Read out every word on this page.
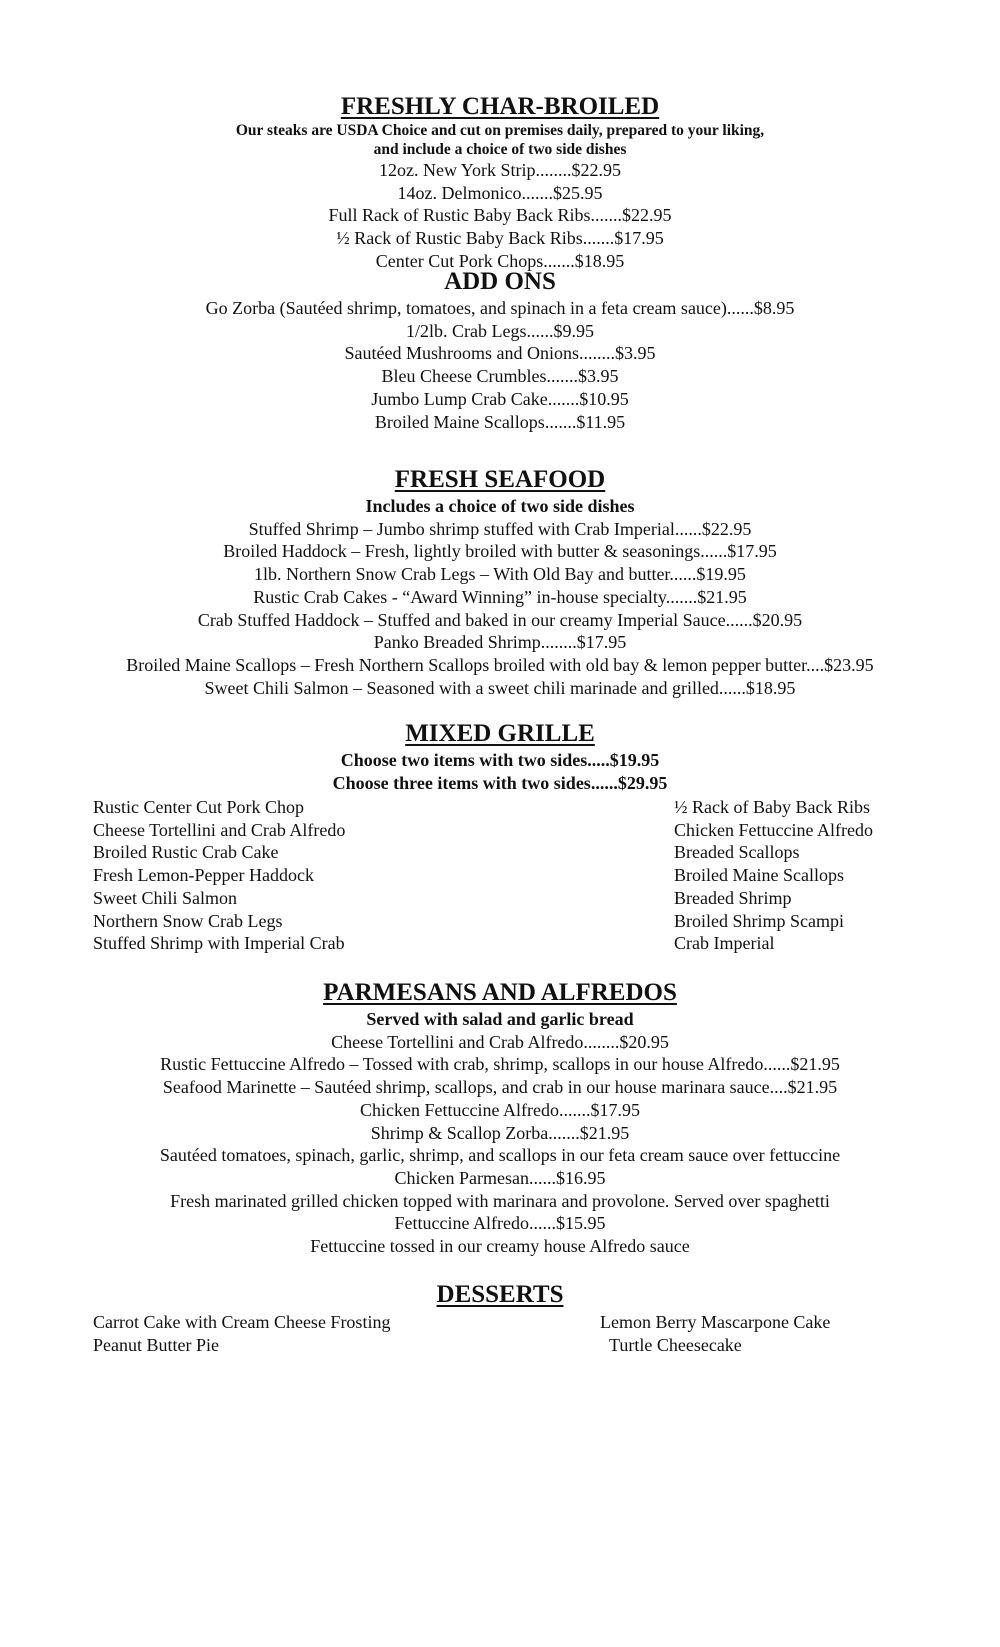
FRESHLY CHAR-BROILED
Our steaks are USDA Choice and cut on premises daily, prepared to your liking,
and include a choice of two side dishes
12oz. New York Strip........$22.95
14oz. Delmonico.......$25.95
Full Rack of Rustic Baby Back Ribs.......$22.95
½ Rack of Rustic Baby Back Ribs.......$17.95
Center Cut Pork Chops.......$18.95
ADD ONS
Go Zorba (Sautéed shrimp, tomatoes, and spinach in a feta cream sauce)......$8.95
1/2lb. Crab Legs......$9.95
Sautéed Mushrooms and Onions........$3.95
Bleu Cheese Crumbles.......$3.95
Jumbo Lump Crab Cake.......$10.95
Broiled Maine Scallops.......$11.95
FRESH SEAFOOD
Includes a choice of two side dishes
Stuffed Shrimp – Jumbo shrimp stuffed with Crab Imperial......$22.95
Broiled Haddock – Fresh, lightly broiled with butter & seasonings......$17.95
1lb. Northern Snow Crab Legs – With Old Bay and butter......$19.95
Rustic Crab Cakes - “Award Winning” in-house specialty.......$21.95
Crab Stuffed Haddock – Stuffed and baked in our creamy Imperial Sauce......$20.95
Panko Breaded Shrimp........$17.95
Broiled Maine Scallops – Fresh Northern Scallops broiled with old bay & lemon pepper butter....$23.95
Sweet Chili Salmon – Seasoned with a sweet chili marinade and grilled......$18.95
MIXED GRILLE
Choose two items with two sides.....$19.95
Choose three items with two sides......$29.95
Rustic Center Cut Pork Chop
Cheese Tortellini and Crab Alfredo
Broiled Rustic Crab Cake
Fresh Lemon-Pepper Haddock
Sweet Chili Salmon
Northern Snow Crab Legs
Stuffed Shrimp with Imperial Crab
½ Rack of Baby Back Ribs
Chicken Fettuccine Alfredo
Breaded Scallops
Broiled Maine Scallops
Breaded Shrimp
Broiled Shrimp Scampi
Crab Imperial
PARMESANS AND ALFREDOS
Served with salad and garlic bread
Cheese Tortellini and Crab Alfredo........$20.95
Rustic Fettuccine Alfredo – Tossed with crab, shrimp, scallops in our house Alfredo......$21.95
Seafood Marinette – Sautéed shrimp, scallops, and crab in our house marinara sauce....$21.95
Chicken Fettuccine Alfredo.......$17.95
Shrimp & Scallop Zorba.......$21.95
Sautéed tomatoes, spinach, garlic, shrimp, and scallops in our feta cream sauce over fettuccine
Chicken Parmesan......$16.95
Fresh marinated grilled chicken topped with marinara and provolone. Served over spaghetti
Fettuccine Alfredo......$15.95
Fettuccine tossed in our creamy house Alfredo sauce
DESSERTS
Carrot Cake with Cream Cheese Frosting
Peanut Butter Pie
Lemon Berry Mascarpone Cake
Turtle Cheesecake
